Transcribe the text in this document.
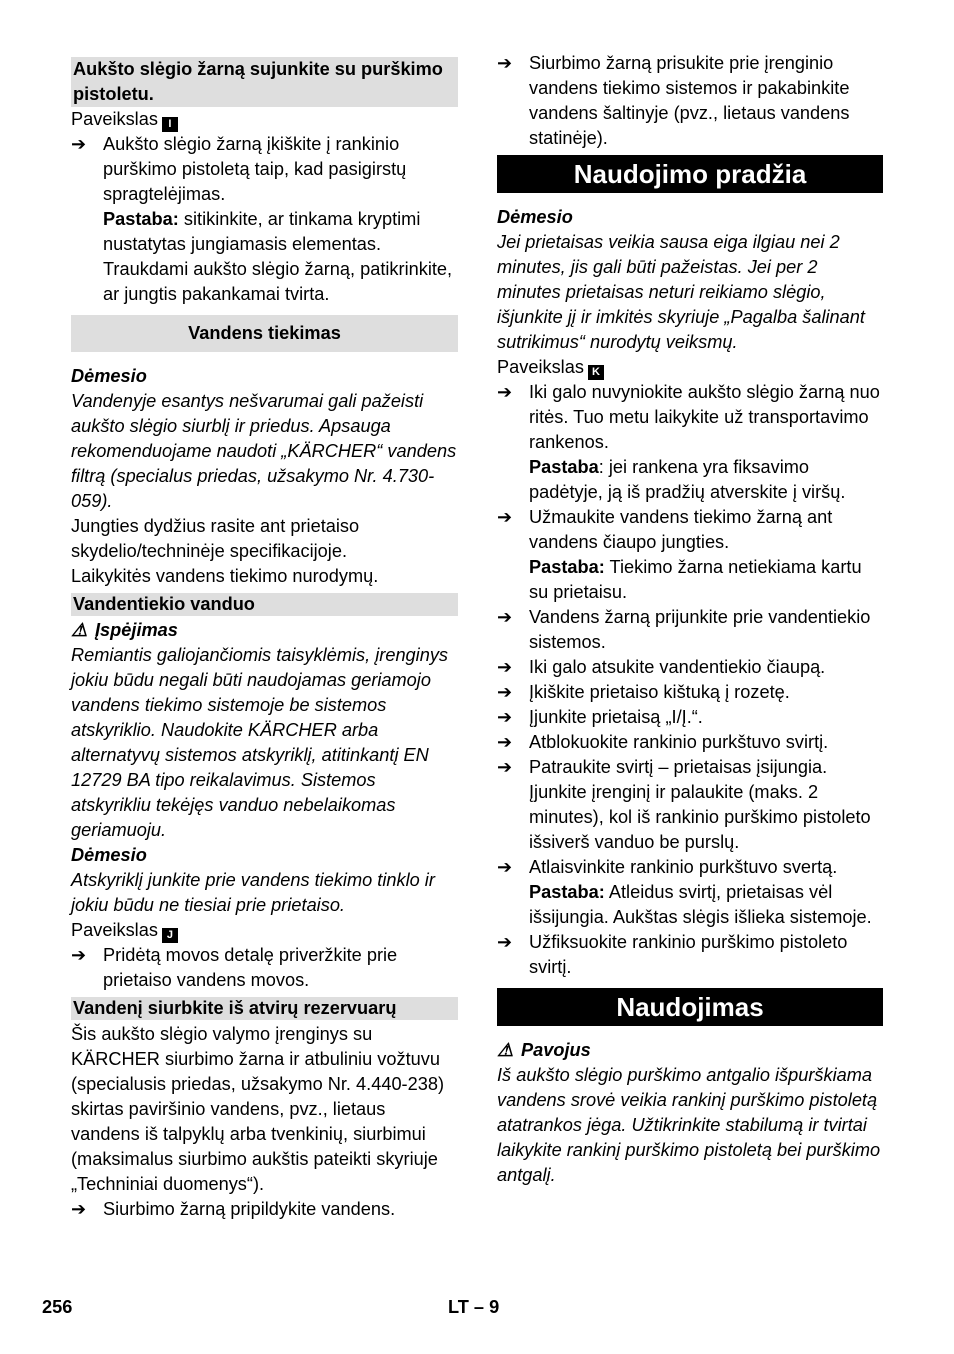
Aukšto slėgio žarną sujunkite su purškimo pistoletu.

Paveikslas I

➔ Aukšto slėgio žarną įkiškite į rankinio purškimo pistoletą taip, kad pasigirstų spragtelėjimas.
Pastaba: sitikinkite, ar tinkama kryptimi nustatytas jungiamasis elementas. Traukdami aukšto slėgio žarną, patikrinkite, ar jungtis pakankamai tvirta.
Vandens tiekimas

Dėmesio

Vandenyje esantys nešvarumai gali pažeisti aukšto slėgio siurblį ir priedus. Apsauga rekomenduojame naudoti „KÄRCHER“ vandens filtrą (specialus priedas, užsakymo Nr. 4.730-059).

Jungties dydžius rasite ant prietaiso skydelio/techninėje specifikacijoje.

Laikykitės vandens tiekimo nurodymų.

Vandentiekio vanduo

⚠ Įspėjimas

Remiantis galiojančiomis taisyklėmis, įrenginys jokiu būdu negali būti naudojamas geriamojo vandens tiekimo sistemoje be sistemos atskyriklio. Naudokite KÄRCHER arba alternatyvų sistemos atskyriklį, atitinkantį EN 12729 BA tipo reikalavimus. Sistemos atskyrikliu tekėjęs vanduo nebelaikomas geriamuoju.

Dėmesio

Atskyriklį junkite prie vandens tiekimo tinklo ir jokiu būdu ne tiesiai prie prietaiso.

Paveikslas J

➔ Pridėtą movos detalę priveržkite prie prietaiso vandens movos.
Vandenį siurbkite iš atvirų rezervuarų

Šis aukšto slėgio valymo įrenginys su KÄRCHER siurbimo žarna ir atbuliniu vožtuvu (specialusis priedas, užsakymo Nr. 4.440-238) skirtas paviršinio vandens, pvz., lietaus vandens iš talpyklų arba tvenkinių, siurbimui (maksimalus siurbimo aukštis pateikti skyriuje „Techniniai duomenys“).

➔ Siurbimo žarną pripildykite vandens.
➔ Siurbimo žarną prisukite prie įrenginio vandens tiekimo sistemos ir pakabinkite vandens šaltinyje (pvz., lietaus vandens statinėje).
Naudojimo pradžia

Dėmesio

Jei prietaisas veikia sausa eiga ilgiau nei 2 minutes, jis gali būti pažeistas. Jei per 2 minutes prietaisas neturi reikiamo slėgio, išjunkite jį ir imkitės skyriuje „Pagalba šalinant sutrikimus“ nurodytų veiksmų.

Paveikslas K

➔ Iki galo nuvyniokite aukšto slėgio žarną nuo ritės. Tuo metu laikykite už transportavimo rankenos.
Pastaba: jei rankena yra fiksavimo padėtyje, ją iš pradžių atverskite į viršų.
➔ Užmaukite vandens tiekimo žarną ant vandens čiaupo jungties.
Pastaba: Tiekimo žarna netiekiama kartu su prietaisu.
➔ Vandens žarną prijunkite prie vandentiekio sistemos.
➔ Iki galo atsukite vandentiekio čiaupą.
➔ Įkiškite prietaiso kištuką į rozetę.
➔ Įjunkite prietaisą „I/Į.“.
➔ Atblokuokite rankinio purkštuvo svirtį.
➔ Patraukite svirtį – prietaisas įsijungia. Įjunkite įrenginį ir palaukite (maks. 2 minutes), kol iš rankinio purškimo pistoleto išsiverš vanduo be purslų.
➔ Atlaisvinkite rankinio purkštuvo svertą.
Pastaba: Atleidus svirtį, prietaisas vėl išsijungia. Aukštas slėgis išlieka sistemoje.
➔ Užfiksuokite rankinio purškimo pistoleto svirtį.
Naudojimas

⚠ Pavojus

Iš aukšto slėgio purškimo antgalio išpurškiama vandens srovė veikia rankinį purškimo pistoletą atatrankos jėga. Užtikrinkite stabilumą ir tvirtai laikykite rankinį purškimo pistoletą bei purškimo antgalį.

256	LT – 9
